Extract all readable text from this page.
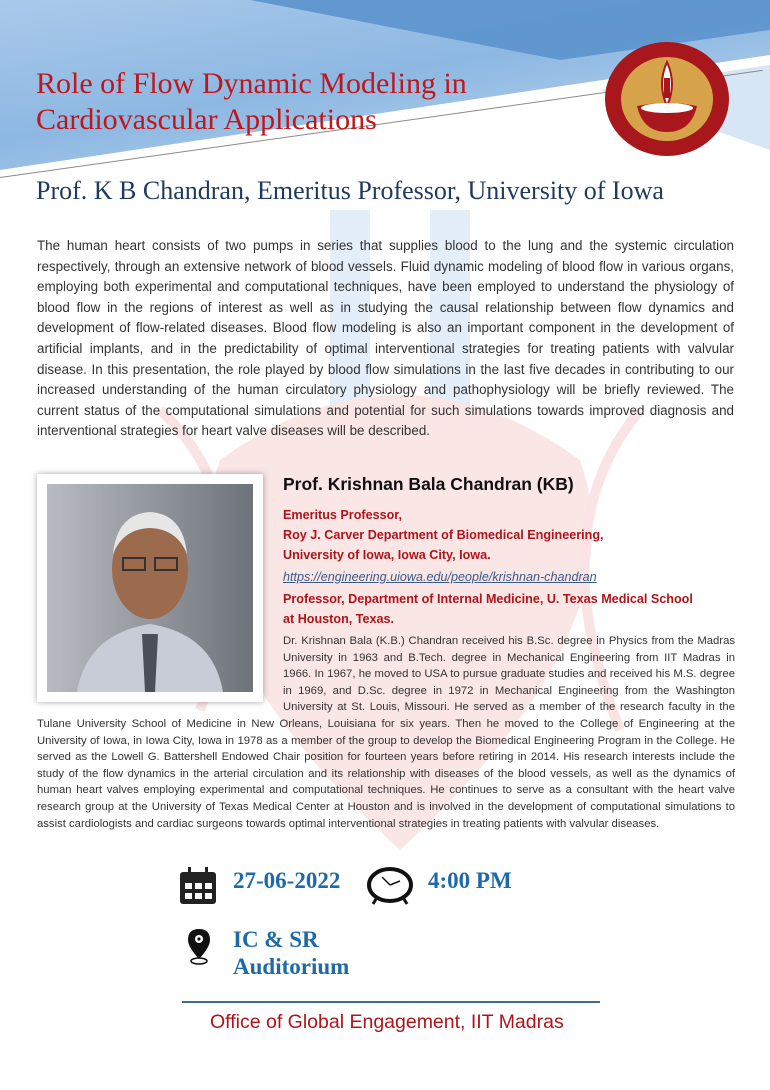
Role of Flow Dynamic Modeling in
Cardiovascular Applications
Prof. K B Chandran, Emeritus Professor, University of Iowa
The human heart consists of two pumps in series that supplies blood to the lung and the systemic circulation respectively, through an extensive network of blood vessels. Fluid dynamic modeling of blood flow in various organs, employing both experimental and computational techniques, have been employed to understand the physiology of blood flow in the regions of interest as well as in studying the causal relationship between flow dynamics and development of flow-related diseases. Blood flow modeling is also an important component in the development of artificial implants, and in the predictability of optimal interventional strategies for treating patients with valvular disease. In this presentation, the role played by blood flow simulations in the last five decades in contributing to our increased understanding of the human circulatory physiology and pathophysiology will be briefly reviewed. The current status of the computational simulations and potential for such simulations towards improved diagnosis and interventional strategies for heart valve diseases will be described.
Prof. Krishnan Bala Chandran (KB)
Emeritus Professor,
Roy J. Carver Department of Biomedical Engineering,
University of Iowa, Iowa City, Iowa.
https://engineering.uiowa.edu/people/krishnan-chandran
Professor, Department of Internal Medicine, U. Texas Medical School
at Houston, Texas.
Dr. Krishnan Bala (K.B.) Chandran received his B.Sc. degree in Physics from the Madras University in 1963 and B.Tech. degree in Mechanical Engineering from IIT Madras in 1966. In 1967, he moved to USA to pursue graduate studies and received his M.S. degree in 1969, and D.Sc. degree in 1972 in Mechanical Engineering from the Washington University at St. Louis, Missouri. He served as a member of the research faculty in the Tulane University School of Medicine in New Orleans, Louisiana for six years. Then he moved to the College of Engineering at the University of Iowa, in Iowa City, Iowa in 1978 as a member of the group to develop the Biomedical Engineering Program in the College. He served as the Lowell G. Battershell Endowed Chair position for fourteen years before retiring in 2014. His research interests include the study of the flow dynamics in the arterial circulation and its relationship with diseases of the blood vessels, as well as the dynamics of human heart valves employing experimental and computational techniques. He continues to serve as a consultant with the heart valve research group at the University of Texas Medical Center at Houston and is involved in the development of computational simulations to assist cardiologists and cardiac surgeons towards optimal interventional strategies in treating patients with valvular diseases.
27-06-2022	4:00 PM
IC & SR
Auditorium
Office of Global Engagement, IIT Madras
